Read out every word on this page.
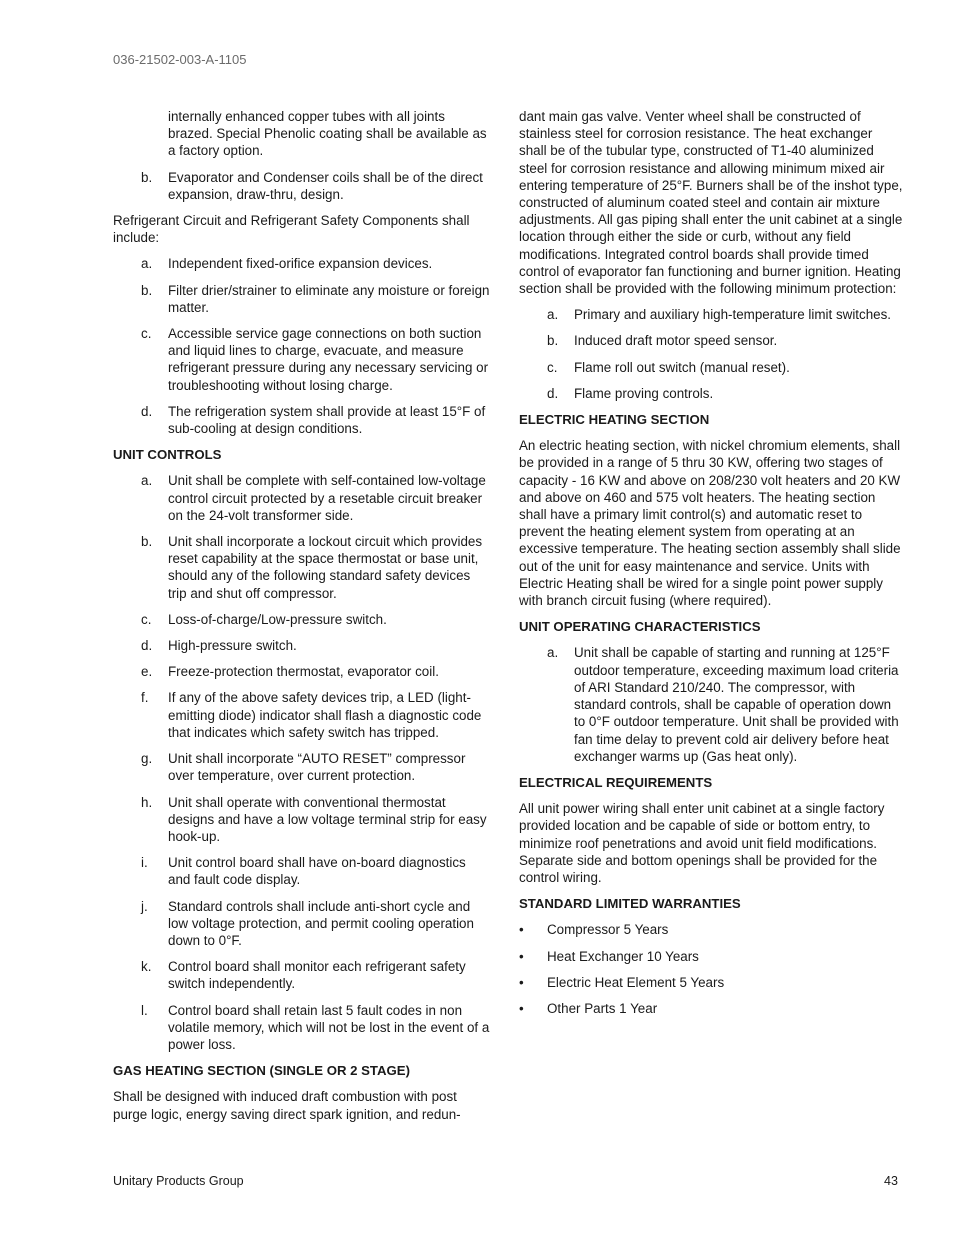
036-21502-003-A-1105

internally enhanced copper tubes with all joints brazed. Special Phenolic coating shall be available as a factory option.

b.	Evaporator and Condenser coils shall be of the direct expansion, draw-thru, design.

Refrigerant Circuit and Refrigerant Safety Components shall include:

a.	Independent fixed-orifice expansion devices.
b.	Filter drier/strainer to eliminate any moisture or foreign matter.
c.	Accessible service gage connections on both suction and liquid lines to charge, evacuate, and measure refrigerant pressure during any necessary servicing or troubleshooting without losing charge.
d.	The refrigeration system shall provide at least 15°F of sub-cooling at design conditions.

UNIT CONTROLS

a.	Unit shall be complete with self-contained low-voltage control circuit protected by a resetable circuit breaker on the 24-volt transformer side.
b.	Unit shall incorporate a lockout circuit which provides reset capability at the space thermostat or base unit, should any of the following standard safety devices trip and shut off compressor.
c.	Loss-of-charge/Low-pressure switch.
d.	High-pressure switch.
e.	Freeze-protection thermostat, evaporator coil.
f.	If any of the above safety devices trip, a LED (light-emitting diode) indicator shall flash a diagnostic code that indicates which safety switch has tripped.
g.	Unit shall incorporate “AUTO RESET” compressor over temperature, over current protection.
h.	Unit shall operate with conventional thermostat designs and have a low voltage terminal strip for easy hook-up.
i.	Unit control board shall have on-board diagnostics and fault code display.
j.	Standard controls shall include anti-short cycle and low voltage protection, and permit cooling operation down to 0°F.
k.	Control board shall monitor each refrigerant safety switch independently.
l.	Control board shall retain last 5 fault codes in non volatile memory, which will not be lost in the event of a power loss.

GAS HEATING SECTION (SINGLE OR 2 STAGE)

Shall be designed with induced draft combustion with post purge logic, energy saving direct spark ignition, and redun-

dant main gas valve. Venter wheel shall be constructed of stainless steel for corrosion resistance. The heat exchanger shall be of the tubular type, constructed of T1-40 aluminized steel for corrosion resistance and allowing minimum mixed air entering temperature of 25°F. Burners shall be of the inshot type, constructed of aluminum coated steel and contain air mixture adjustments. All gas piping shall enter the unit cabinet at a single location through either the side or curb, without any field modifications. Integrated control boards shall provide timed control of evaporator fan functioning and burner ignition. Heating section shall be provided with the following minimum protection:

a.	Primary and auxiliary high-temperature limit switches.
b.	Induced draft motor speed sensor.
c.	Flame roll out switch (manual reset).
d.	Flame proving controls.

ELECTRIC HEATING SECTION

An electric heating section, with nickel chromium elements, shall be provided in a range of 5 thru 30 KW, offering two stages of capacity - 16 KW and above on 208/230 volt heaters and 20 KW and above on 460 and 575 volt heaters. The heating section shall have a primary limit control(s) and automatic reset to prevent the heating element system from operating at an excessive temperature. The heating section assembly shall slide out of the unit for easy maintenance and service. Units with Electric Heating shall be wired for a single point power supply with branch circuit fusing (where required).

UNIT OPERATING CHARACTERISTICS

a.	Unit shall be capable of starting and running at 125°F outdoor temperature, exceeding maximum load criteria of ARI Standard 210/240. The compressor, with standard controls, shall be capable of operation down to 0°F outdoor temperature. Unit shall be provided with fan time delay to prevent cold air delivery before heat exchanger warms up (Gas heat only).

ELECTRICAL REQUIREMENTS

All unit power wiring shall enter unit cabinet at a single factory provided location and be capable of side or bottom entry, to minimize roof penetrations and avoid unit field modifications. Separate side and bottom openings shall be provided for the control wiring.

STANDARD LIMITED WARRANTIES

•	Compressor 5 Years
•	Heat Exchanger 10 Years
•	Electric Heat Element 5 Years
•	Other Parts 1 Year
Unitary Products Group	43
